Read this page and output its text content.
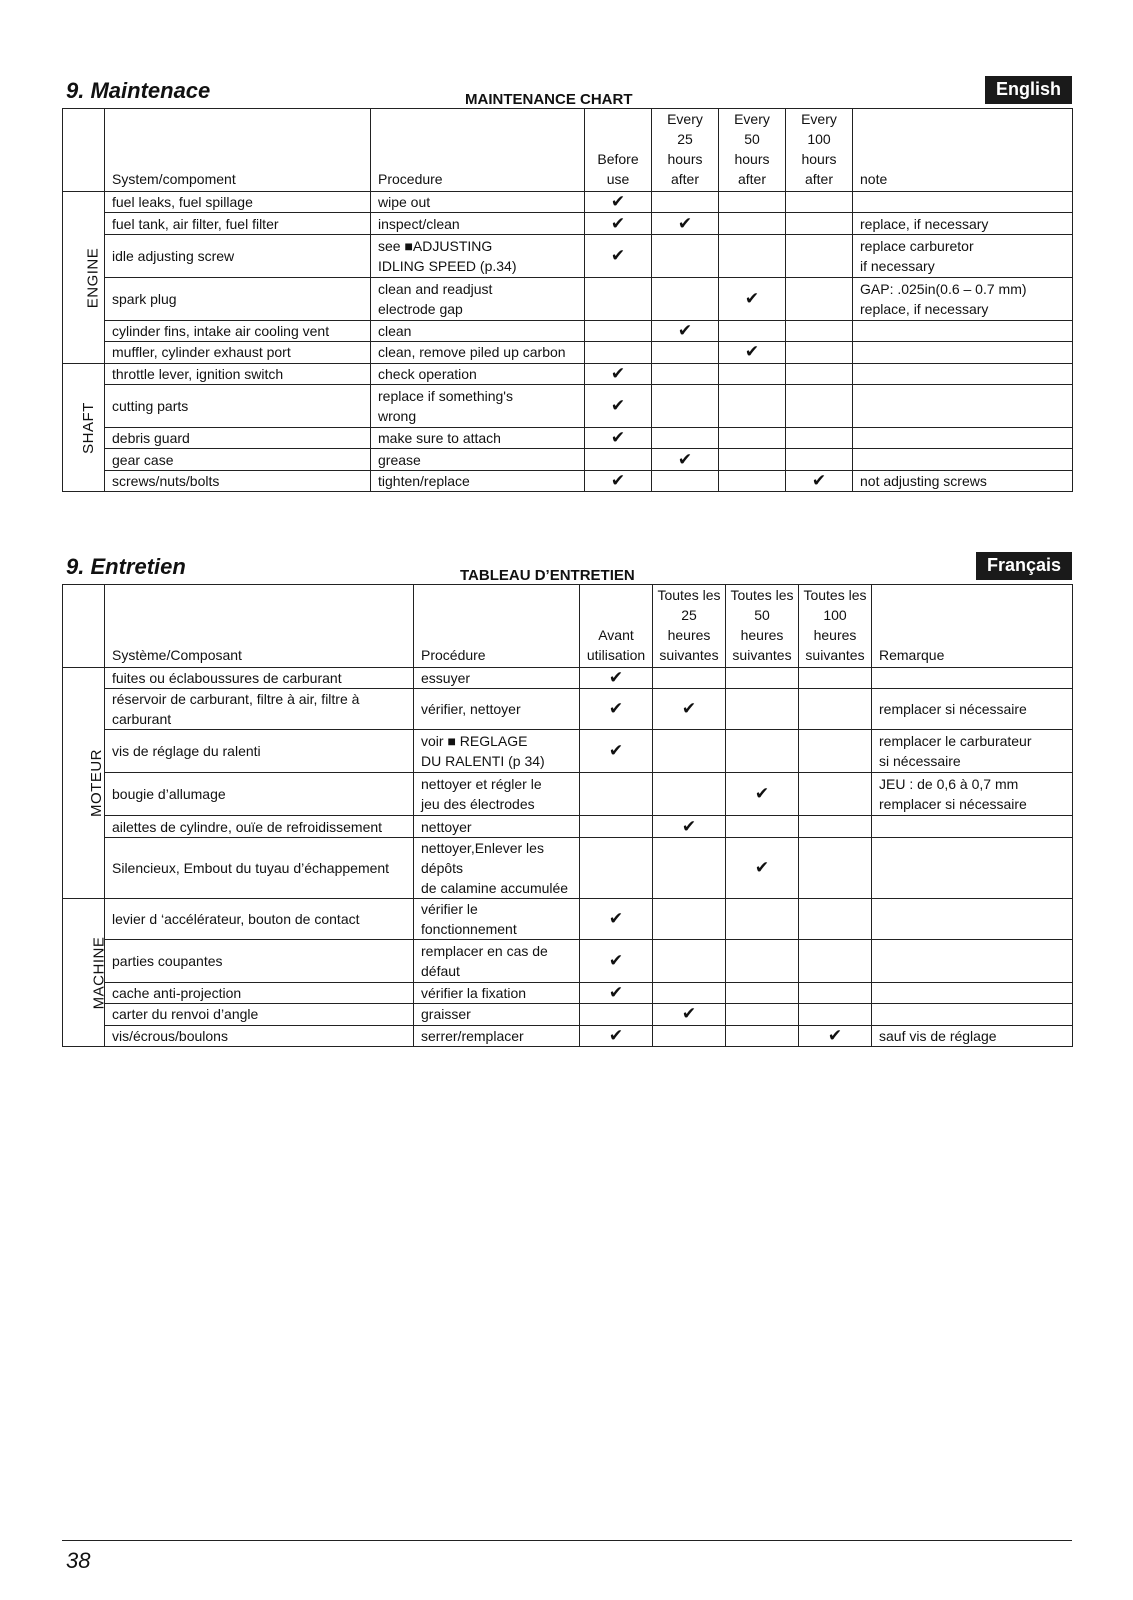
9. Maintenace	MAINTENANCE CHART
English
	System/compoment	Procedure	Before
use	Every
25
hours
after	Every
50
hours
after	Every
100
hours
after	note
ENGINE	fuel leaks, fuel spillage	wipe out	✔				
	fuel tank, air filter, fuel filter	inspect/clean	✔	✔			replace, if necessary
	idle adjusting screw	see ■ADJUSTING
IDLING SPEED (p.34)	✔				replace carburetor
if necessary
	spark plug	clean and readjust
electrode gap			✔		GAP: .025in(0.6 – 0.7 mm)
replace, if necessary
	cylinder fins, intake air cooling vent	clean		✔			
	muffler, cylinder exhaust port	clean, remove piled up carbon			✔		
SHAFT	throttle lever, ignition switch	check operation	✔				
	cutting parts	replace if something's
wrong	✔				
	debris guard	make sure to attach	✔				
	gear case	grease		✔			
	screws/nuts/bolts	tighten/replace	✔			✔	not adjusting screws
9. Entretien	TABLEAU D’ENTRETIEN
Français
	Système/Composant	Procédure	Avant
utilisation	Toutes les
25
heures
suivantes	Toutes les
50
heures
suivantes	Toutes les
100
heures
suivantes	Remarque
MOTEUR	fuites ou éclaboussures de carburant	essuyer	✔				
	réservoir de carburant, filtre à air, filtre à carburant	vérifier, nettoyer	✔	✔			remplacer si nécessaire
	vis de réglage du ralenti	voir ■ REGLAGE
DU RALENTI (p 34)	✔				remplacer le carburateur
si nécessaire
	bougie d’allumage	nettoyer et régler le
jeu des électrodes			✔		JEU : de 0,6 à 0,7 mm
remplacer si nécessaire
	ailettes de cylindre, ouïe de refroidissement	nettoyer		✔			
	Silencieux, Embout du tuyau d’échappement	nettoyer,Enlever les dépôts
de calamine accumulée			✔		
MACHINE	levier d ‘accélérateur, bouton de contact	vérifier le fonctionnement	✔				
	parties coupantes	remplacer en cas de
défaut	✔				
	cache anti-projection	vérifier la fixation	✔				
	carter du renvoi d’angle	graisser		✔			
	vis/écrous/boulons	serrer/remplacer	✔			✔	sauf vis de réglage
38
